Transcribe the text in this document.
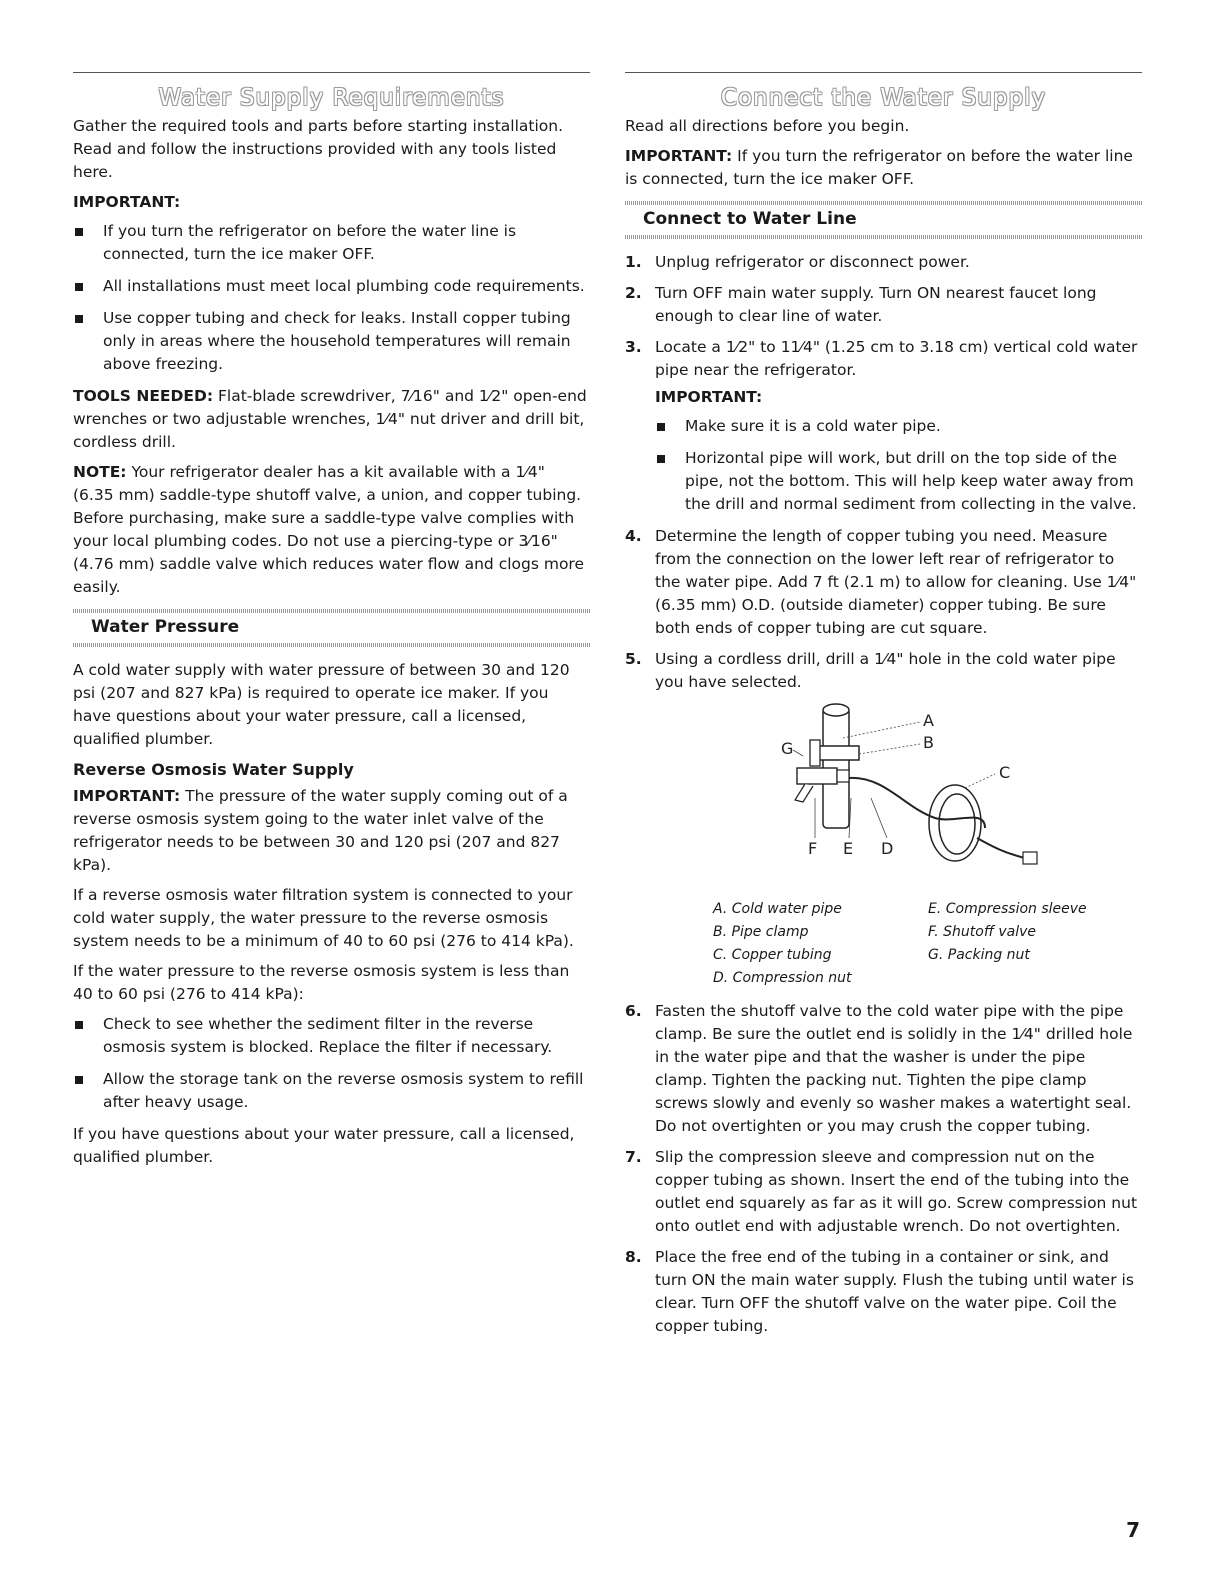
Water Supply Requirements

Gather the required tools and parts before starting installation. Read and follow the instructions provided with any tools listed here.

IMPORTANT:
If you turn the refrigerator on before the water line is connected, turn the ice maker OFF.
All installations must meet local plumbing code requirements.
Use copper tubing and check for leaks. Install copper tubing only in areas where the household temperatures will remain above freezing.

TOOLS NEEDED: Flat-blade screwdriver, 7⁄16" and 1⁄2" open-end wrenches or two adjustable wrenches, 1⁄4" nut driver and drill bit, cordless drill.

NOTE: Your refrigerator dealer has a kit available with a 1⁄4" (6.35 mm) saddle-type shutoff valve, a union, and copper tubing. Before purchasing, make sure a saddle-type valve complies with your local plumbing codes. Do not use a piercing-type or 3⁄16" (4.76 mm) saddle valve which reduces water flow and clogs more easily.

Water Pressure

A cold water supply with water pressure of between 30 and 120 psi (207 and 827 kPa) is required to operate ice maker. If you have questions about your water pressure, call a licensed, qualified plumber.

Reverse Osmosis Water Supply

IMPORTANT: The pressure of the water supply coming out of a reverse osmosis system going to the water inlet valve of the refrigerator needs to be between 30 and 120 psi (207 and 827 kPa).

If a reverse osmosis water filtration system is connected to your cold water supply, the water pressure to the reverse osmosis system needs to be a minimum of 40 to 60 psi (276 to 414 kPa).

If the water pressure to the reverse osmosis system is less than 40 to 60 psi (276 to 414 kPa):

Check to see whether the sediment filter in the reverse osmosis system is blocked. Replace the filter if necessary.
Allow the storage tank on the reverse osmosis system to refill after heavy usage.

If you have questions about your water pressure, call a licensed, qualified plumber.

Connect the Water Supply

Read all directions before you begin.

IMPORTANT: If you turn the refrigerator on before the water line is connected, turn the ice maker OFF.

Connect to Water Line
1. Unplug refrigerator or disconnect power.
2. Turn OFF main water supply. Turn ON nearest faucet long enough to clear line of water.
3. Locate a 1⁄2" to 11⁄4" (1.25 cm to 3.18 cm) vertical cold water pipe near the refrigerator.
IMPORTANT:
Make sure it is a cold water pipe.
Horizontal pipe will work, but drill on the top side of the pipe, not the bottom. This will help keep water away from the drill and normal sediment from collecting in the valve.
4. Determine the length of copper tubing you need. Measure from the connection on the lower left rear of refrigerator to the water pipe. Add 7 ft (2.1 m) to allow for cleaning. Use 1⁄4" (6.35 mm) O.D. (outside diameter) copper tubing. Be sure both ends of copper tubing are cut square.
5. Using a cordless drill, drill a 1⁄4" hole in the cold water pipe you have selected.
A
B
C
D
E
F
G
A. Cold water pipe	E. Compression sleeve
B. Pipe clamp	F. Shutoff valve
C. Copper tubing	G. Packing nut
D. Compression nut
6. Fasten the shutoff valve to the cold water pipe with the pipe clamp. Be sure the outlet end is solidly in the 1⁄4" drilled hole in the water pipe and that the washer is under the pipe clamp. Tighten the packing nut. Tighten the pipe clamp screws slowly and evenly so washer makes a watertight seal. Do not overtighten or you may crush the copper tubing.
7. Slip the compression sleeve and compression nut on the copper tubing as shown. Insert the end of the tubing into the outlet end squarely as far as it will go. Screw compression nut onto outlet end with adjustable wrench. Do not overtighten.
8. Place the free end of the tubing in a container or sink, and turn ON the main water supply. Flush the tubing until water is clear. Turn OFF the shutoff valve on the water pipe. Coil the copper tubing.
7
